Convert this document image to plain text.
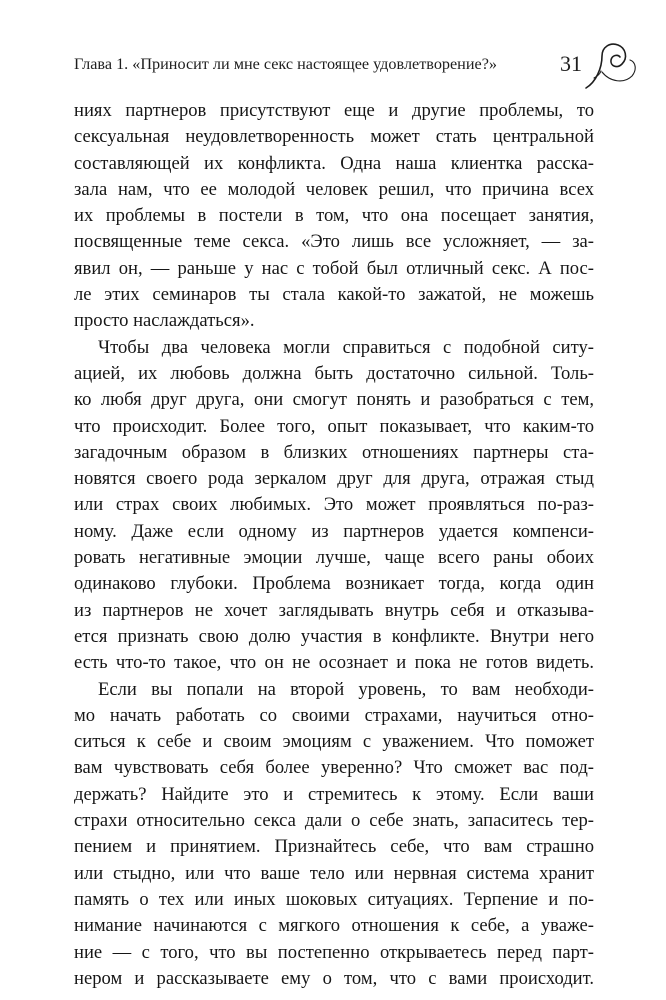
Глава 1. «Приносит ли мне секс настоящее удовлетворение?»	31
ниях партнеров присутствуют еще и другие проблемы, то
сексуальная неудовлетворенность может стать центральной
составляющей их конфликта. Одна наша клиентка расска-
зала нам, что ее молодой человек решил, что причина всех
их проблемы в постели в том, что она посещает занятия,
посвященные теме секса. «Это лишь все усложняет, — за-
явил он, — раньше у нас с тобой был отличный секс. А пос-
ле этих семинаров ты стала какой-то зажатой, не можешь
просто наслаждаться».
Чтобы два человека могли справиться с подобной ситу-
ацией, их любовь должна быть достаточно сильной. Толь-
ко любя друг друга, они смогут понять и разобраться с тем,
что происходит. Более того, опыт показывает, что каким-то
загадочным образом в близких отношениях партнеры ста-
новятся своего рода зеркалом друг для друга, отражая стыд
или страх своих любимых. Это может проявляться по-раз-
ному. Даже если одному из партнеров удается компенси-
ровать негативные эмоции лучше, чаще всего раны обоих
одинаково глубоки. Проблема возникает тогда, когда один
из партнеров не хочет заглядывать внутрь себя и отказыва-
ется признать свою долю участия в конфликте. Внутри него
есть что-то такое, что он не осознает и пока не готов видеть.
Если вы попали на второй уровень, то вам необходи-
мо начать работать со своими страхами, научиться отно-
ситься к себе и своим эмоциям с уважением. Что поможет
вам чувствовать себя более уверенно? Что сможет вас под-
держать? Найдите это и стремитесь к этому. Если ваши
страхи относительно секса дали о себе знать, запаситесь тер-
пением и принятием. Признайтесь себе, что вам страшно
или стыдно, или что ваше тело или нервная система хранит
память о тех или иных шоковых ситуациях. Терпение и по-
нимание начинаются с мягкого отношения к себе, а уваже-
ние — с того, что вы постепенно открываетесь перед парт-
нером и рассказываете ему о том, что с вами происходит.
